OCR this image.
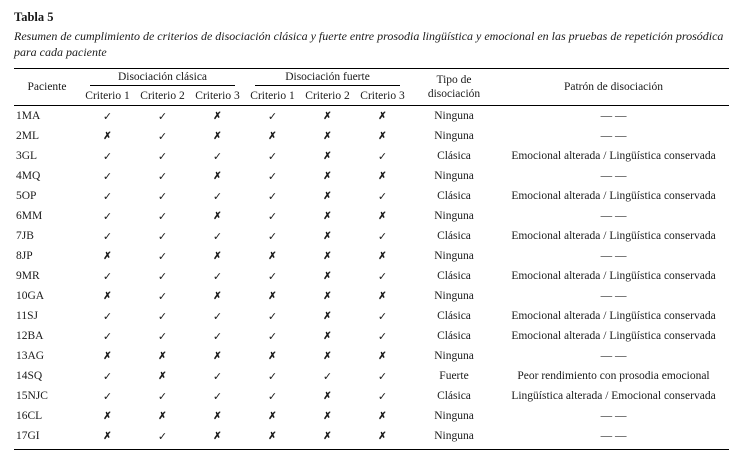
Tabla 5
Resumen de cumplimiento de criterios de disociación clásica y fuerte entre prosodia lingüística y emocional en las pruebas de repetición prosódica para cada paciente
Paciente	Disociación clásica			Disociación fuerte			Tipo de
disociación	Patrón de disociación
	Criterio 1	Criterio 2	Criterio 3	Criterio 1	Criterio 2	Criterio 3		
1MA	✓	✓	✗	✓	✗	✗	Ninguna	— —
2ML	✗	✓	✗	✗	✗	✗	Ninguna	— —
3GL	✓	✓	✓	✓	✗	✓	Clásica	Emocional alterada / Lingüística conservada
4MQ	✓	✓	✗	✓	✗	✗	Ninguna	— —
5OP	✓	✓	✓	✓	✗	✓	Clásica	Emocional alterada / Lingüística conservada
6MM	✓	✓	✗	✓	✗	✗	Ninguna	— —
7JB	✓	✓	✓	✓	✗	✓	Clásica	Emocional alterada / Lingüística conservada
8JP	✗	✓	✗	✗	✗	✗	Ninguna	— —
9MR	✓	✓	✓	✓	✗	✓	Clásica	Emocional alterada / Lingüística conservada
10GA	✗	✓	✗	✗	✗	✗	Ninguna	— —
11SJ	✓	✓	✓	✓	✗	✓	Clásica	Emocional alterada / Lingüística conservada
12BA	✓	✓	✓	✓	✗	✓	Clásica	Emocional alterada / Lingüística conservada
13AG	✗	✗	✗	✗	✗	✗	Ninguna	— —
14SQ	✓	✗	✓	✓	✓	✓	Fuerte	Peor rendimiento con prosodia emocional
15NJC	✓	✓	✓	✓	✗	✓	Clásica	Lingüística alterada / Emocional conservada
16CL	✗	✗	✗	✗	✗	✗	Ninguna	— —
17GI	✗	✓	✗	✗	✗	✗	Ninguna	— —
